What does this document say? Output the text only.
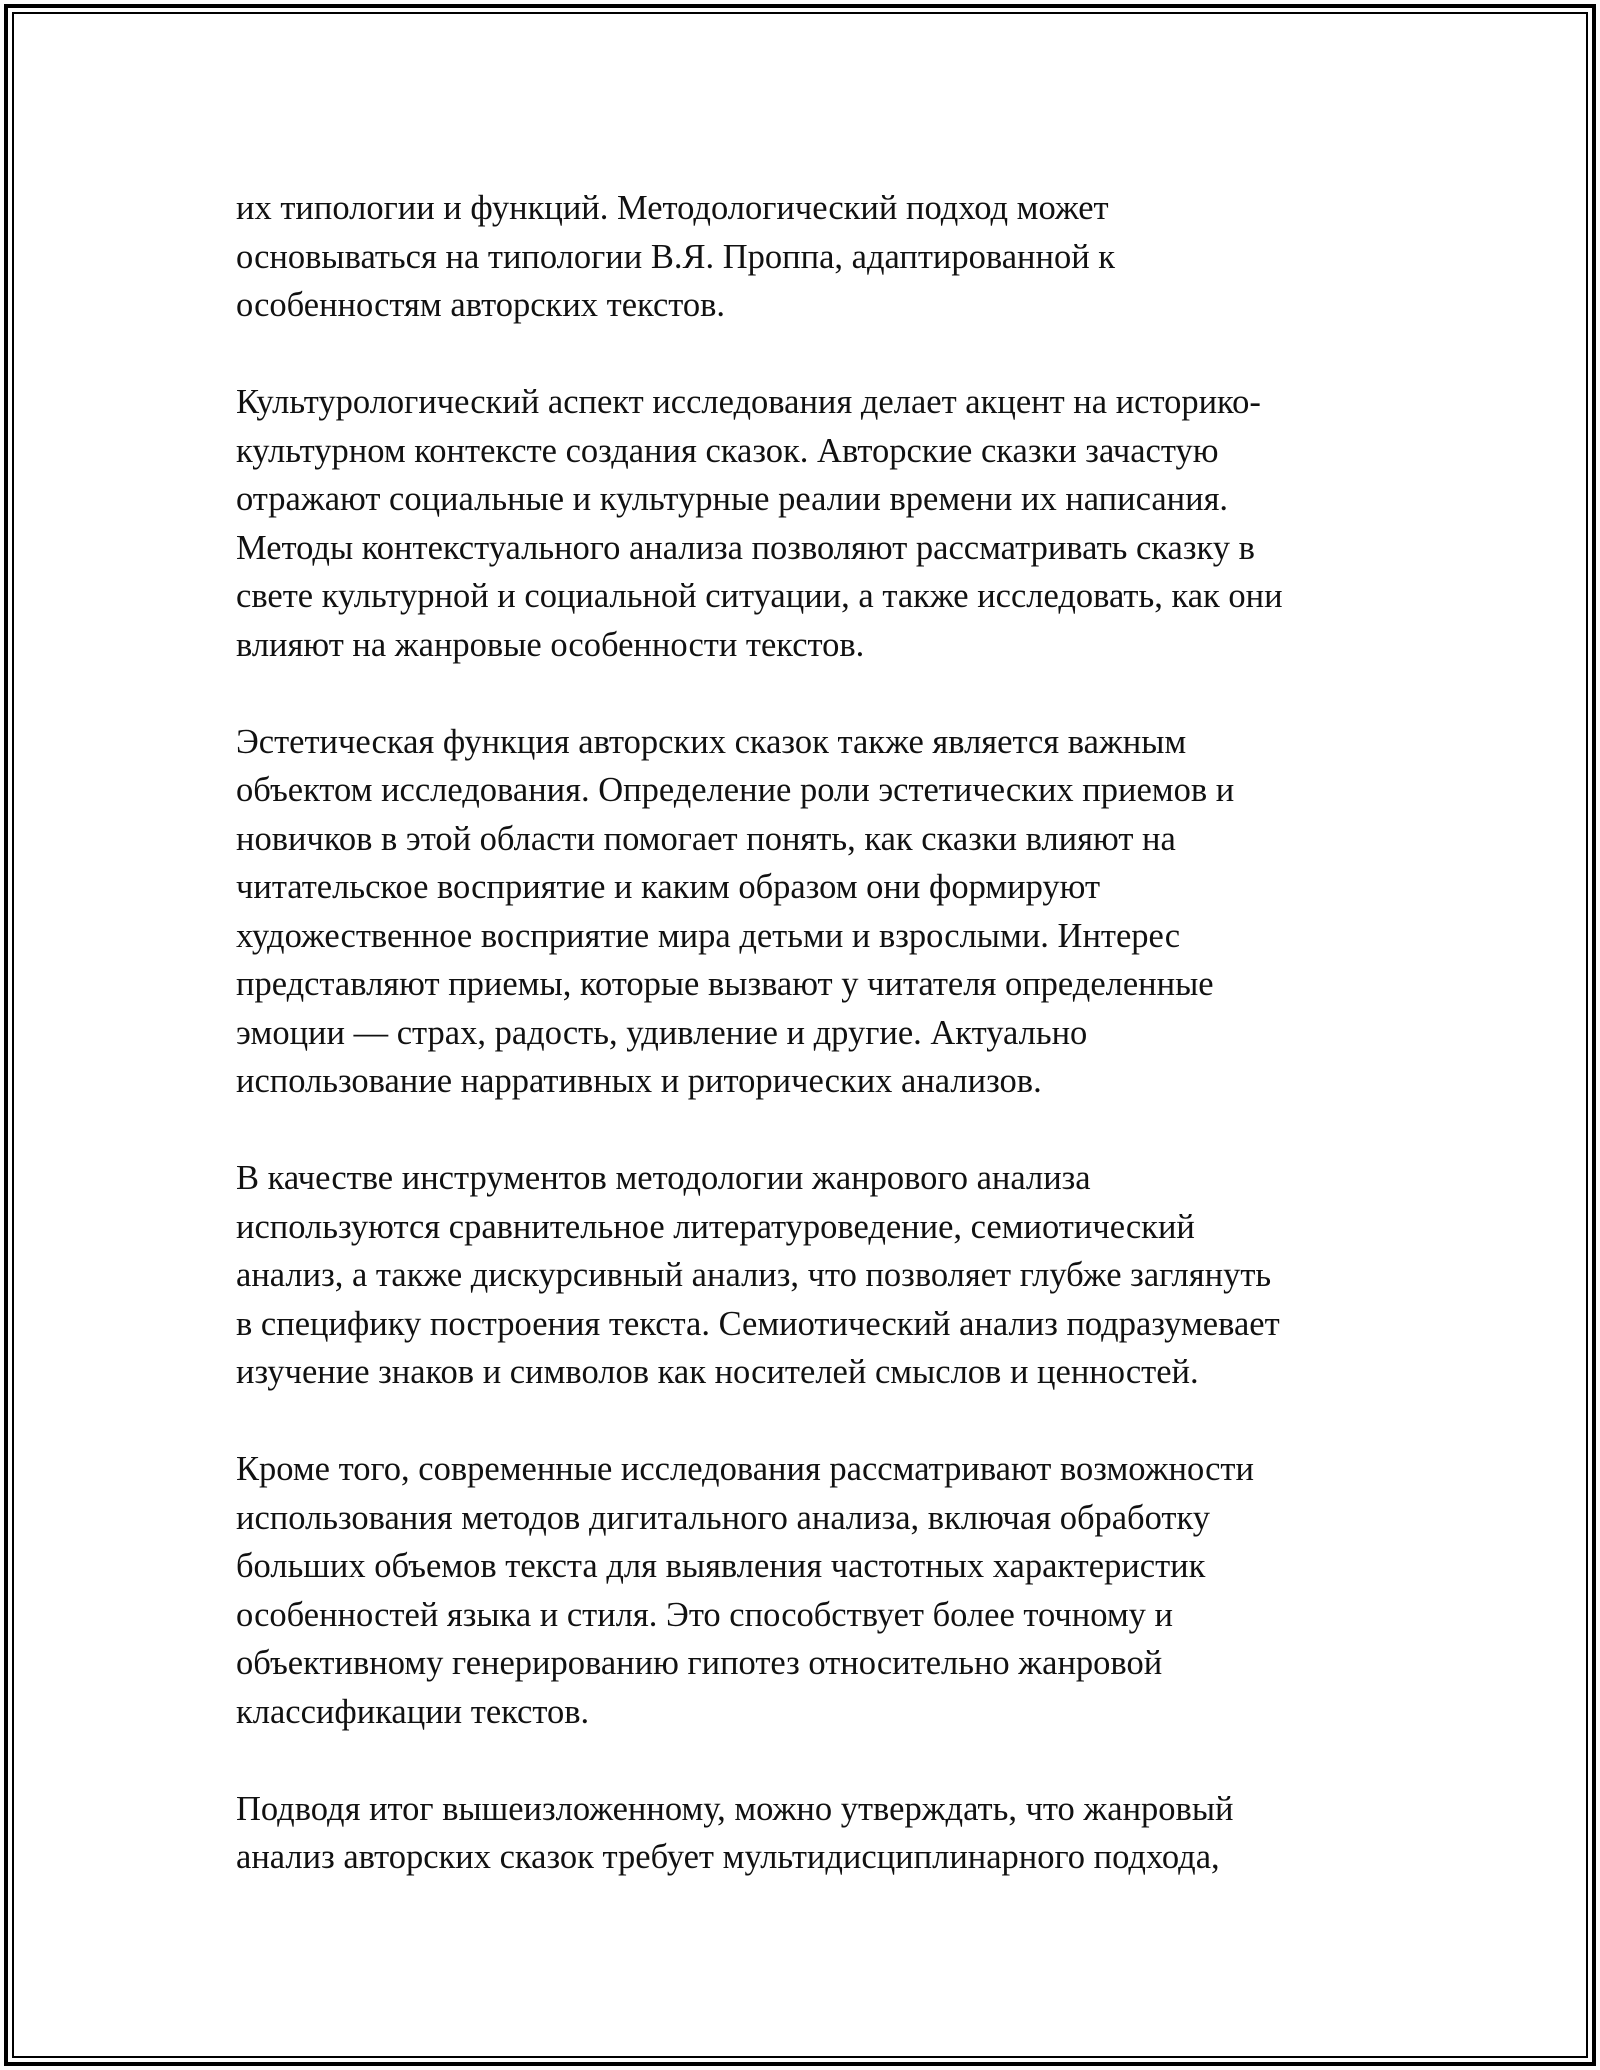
их типологии и функций. Методологический подход может
основываться на типологии В.Я. Проппа, адаптированной к
особенностям авторских текстов.

Культурологический аспект исследования делает акцент на историко-
культурном контексте создания сказок. Авторские сказки зачастую
отражают социальные и культурные реалии времени их написания.
Методы контекстуального анализа позволяют рассматривать сказку в
свете культурной и социальной ситуации, а также исследовать, как они
влияют на жанровые особенности текстов.

Эстетическая функция авторских сказок также является важным
объектом исследования. Определение роли эстетических приемов и
новичков в этой области помогает понять, как сказки влияют на
читательское восприятие и каким образом они формируют
художественное восприятие мира детьми и взрослыми. Интерес
представляют приемы, которые вызвают у читателя определенные
эмоции — страх, радость, удивление и другие. Актуально
использование нарративных и риторических анализов.

В качестве инструментов методологии жанрового анализа
используются сравнительное литературоведение, семиотический
анализ, а также дискурсивный анализ, что позволяет глубже заглянуть
в специфику построения текста. Семиотический анализ подразумевает
изучение знаков и символов как носителей смыслов и ценностей.

Кроме того, современные исследования рассматривают возможности
использования методов дигитального анализа, включая обработку
больших объемов текста для выявления частотных характеристик
особенностей языка и стиля. Это способствует более точному и
объективному генерированию гипотез относительно жанровой
классификации текстов.

Подводя итог вышеизложенному, можно утверждать, что жанровый
анализ авторских сказок требует мультидисциплинарного подхода,
